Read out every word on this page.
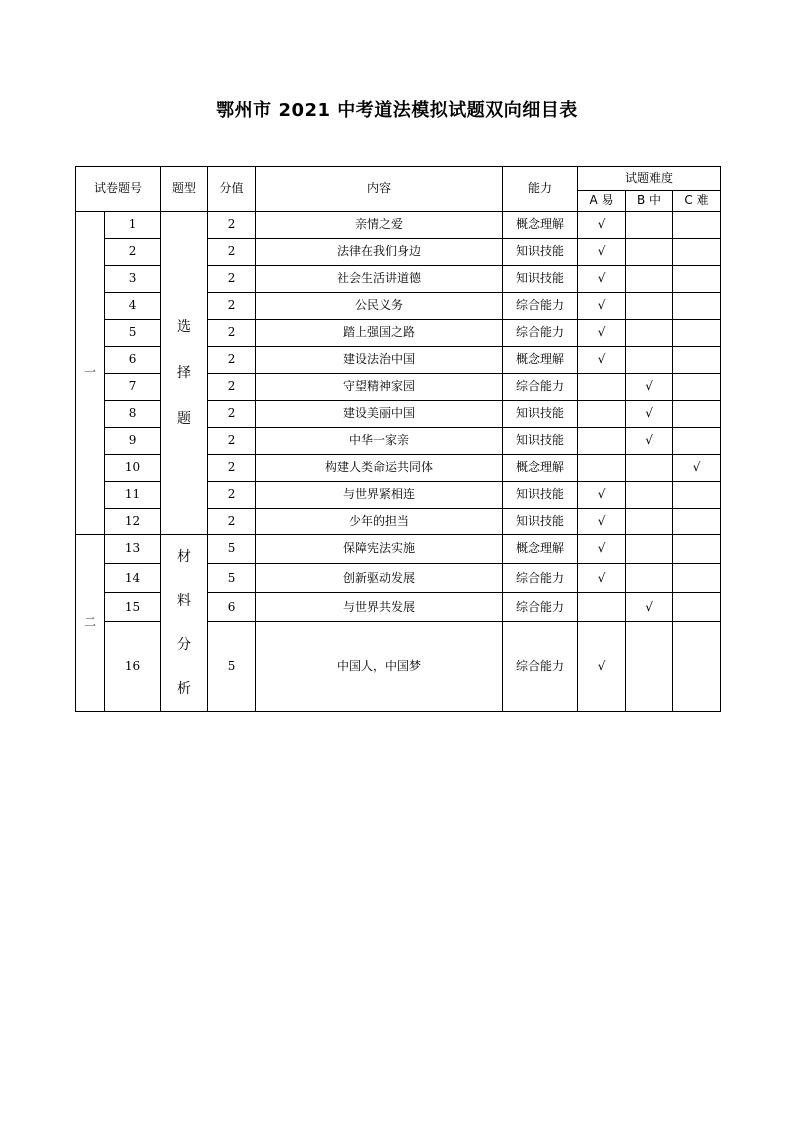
鄂州市 2021 中考道法模拟试题双向细目表
试卷题号		题型	分值	内容	能力	试题难度		
						A 易	B 中	C 难
一	1	选择题	2	亲情之爱	概念理解	√		
	2		2	法律在我们身边	知识技能	√		
	3		2	社会生活讲道德	知识技能	√		
	4		2	公民义务	综合能力	√		
	5		2	踏上强国之路	综合能力	√		
	6		2	建设法治中国	概念理解	√		
	7		2	守望精神家园	综合能力		√	
	8		2	建设美丽中国	知识技能		√	
	9		2	中华一家亲	知识技能		√	
	10		2	构建人类命运共同体	概念理解			√
	11		2	与世界紧相连	知识技能	√		
	12		2	少年的担当	知识技能	√		
二	13	材料分析	5	保障宪法实施	概念理解	√		
	14		5	创新驱动发展	综合能力	√		
	15		6	与世界共发展	综合能力		√	
	16		5	中国人，中国梦	综合能力	√		
